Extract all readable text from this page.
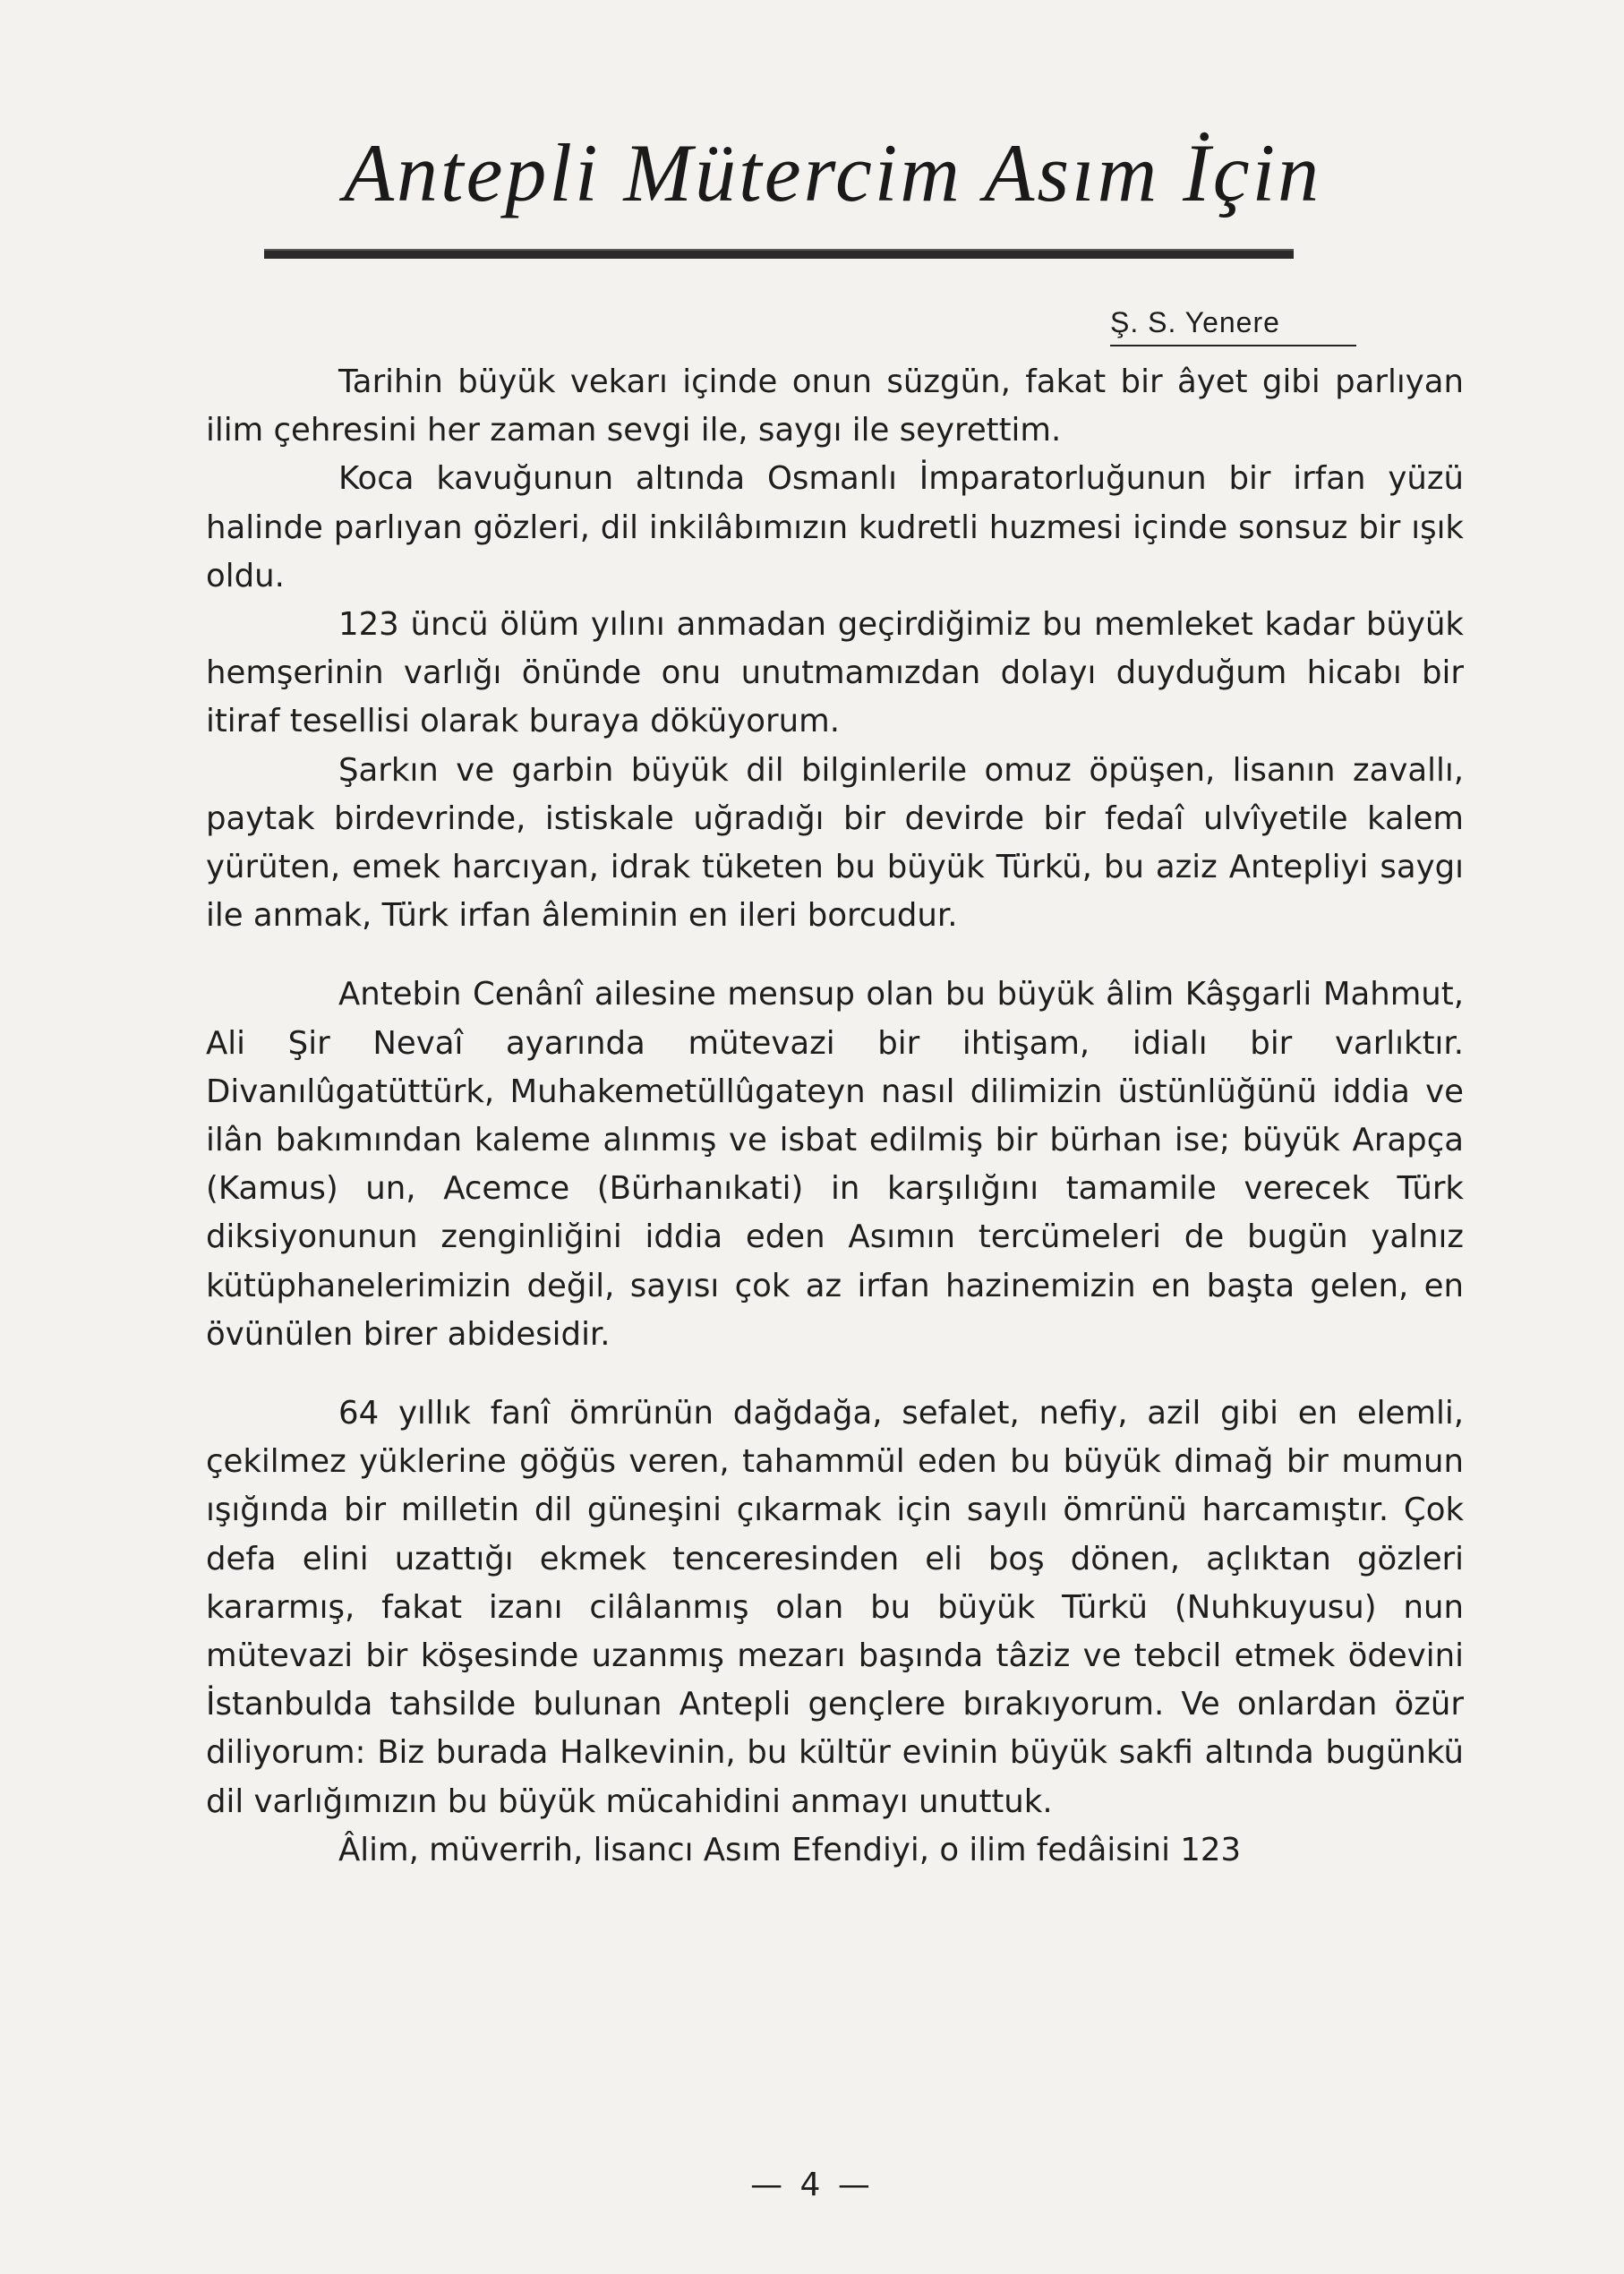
Antepli Mütercim Asım İçin
Ş. S. Yenere

Tarihin büyük vekarı içinde onun süzgün, fakat bir âyet gibi parlıyan ilim çehresini her zaman sevgi ile, saygı ile seyrettim.

Koca kavuğunun altında Osmanlı İmparatorluğunun bir irfan yüzü halinde parlıyan gözleri, dil inkilâbımızın kudretli huzmesi içinde sonsuz bir ışık oldu.

123 üncü ölüm yılını anmadan geçirdiğimiz bu memleket kadar büyük hemşerinin varlığı önünde onu unutmamızdan dolayı duyduğum hicabı bir itiraf tesellisi olarak buraya döküyorum.

Şarkın ve garbin büyük dil bilginlerile omuz öpüşen, lisanın zavallı, paytak birdevrinde, istiskale uğradığı bir devirde bir fedaî ulvîyetile kalem yürüten, emek harcıyan, idrak tüketen bu büyük Türkü, bu aziz Antepliyi saygı ile anmak, Türk irfan âleminin en ileri borcudur.

Antebin Cenânî ailesine mensup olan bu büyük âlim Kâşgarli Mahmut, Ali Şir Nevaî ayarında mütevazi bir ihtişam, idialı bir varlıktır. Divanılûgatüttürk, Muhakemetüllûgateyn nasıl dilimizin üstünlüğünü iddia ve ilân bakımından kaleme alınmış ve isbat edilmiş bir bürhan ise; büyük Arapça (Kamus) un, Acemce (Bürhanıkati) in karşılığını tamamile verecek Türk diksiyonunun zenginliğini iddia eden Asımın tercümeleri de bugün yalnız kütüphanelerimizin değil, sayısı çok az irfan hazinemizin en başta gelen, en övünülen birer abidesidir.

64 yıllık fanî ömrünün dağdağa, sefalet, nefiy, azil gibi en elemli, çekilmez yüklerine göğüs veren, tahammül eden bu büyük dimağ bir mumun ışığında bir milletin dil güneşini çıkarmak için sayılı ömrünü harcamıştır. Çok defa elini uzattığı ekmek tenceresinden eli boş dönen, açlıktan gözleri kararmış, fakat izanı cilâlanmış olan bu büyük Türkü (Nuhkuyusu) nun mütevazi bir köşesinde uzanmış mezarı başında tâziz ve tebcil etmek ödevini İstanbulda tahsilde bulunan Antepli gençlere bırakıyorum. Ve onlardan özür diliyorum: Biz burada Halkevinin, bu kültür evinin büyük sakfi altında bugünkü dil varlığımızın bu büyük mücahidini anmayı unuttuk.

Âlim, müverrih, lisancı Asım Efendiyi, o ilim fedâisini 123

— 4 —
